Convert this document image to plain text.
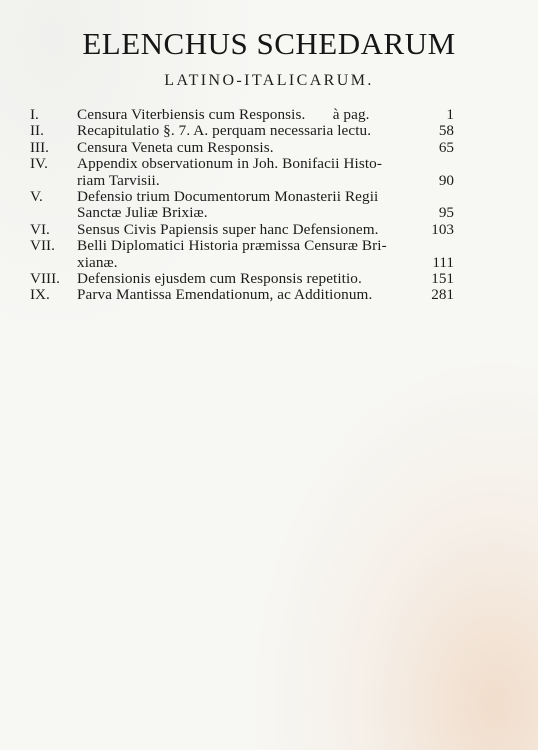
ELENCHUS SCHEDARUM
LATINO-ITALICARUM.
I.	Censura Viterbiensis cum Responsis.       à pag.	1
II. Recapitulatio §. 7. A. perquam necessaria lectu.	58
III. Censura Veneta cum Responsis.	65
IV. Appendix observationum in Joh. Bonifacii Histo-
riam Tarvisii.	90
V. Defensio trium Documentorum Monasterii Regii
Sanctæ Juliæ Brixiæ.	95
VI. Sensus Civis Papiensis super hanc Defensionem.	103
VII. Belli Diplomatici Historia præmissa Censuræ Bri-
xianæ.	111
VIII. Defensionis ejusdem cum Responsis repetitio.	151
IX. Parva Mantissa Emendationum, ac Additionum.	281
